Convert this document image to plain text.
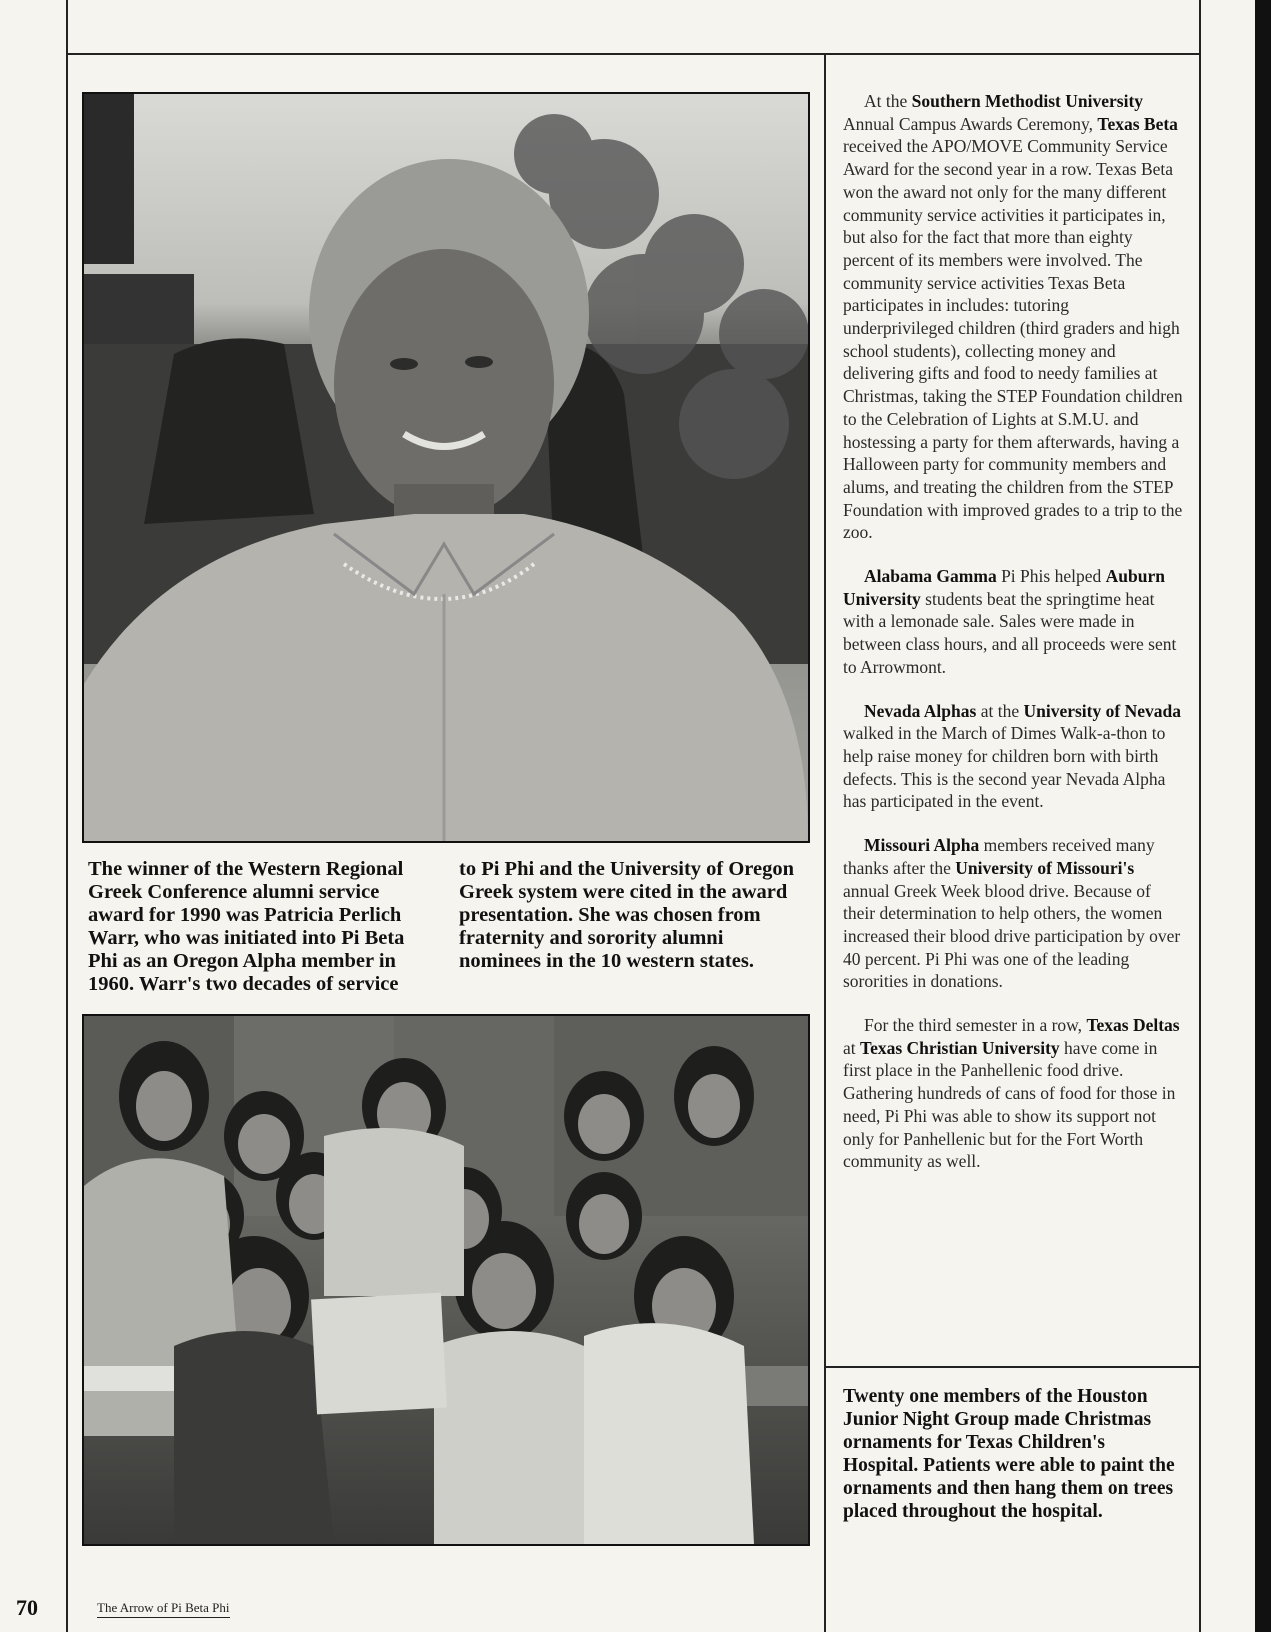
The winner of the Western Regional Greek Conference alumni service award for 1990 was Patricia Perlich Warr, who was initiated into Pi Beta Phi as an Oregon Alpha member in 1960. Warr's two decades of service
to Pi Phi and the University of Oregon Greek system were cited in the award presentation. She was chosen from fraternity and sorority alumni nominees in the 10 western states.

At the Southern Methodist University Annual Campus Awards Ceremony, Texas Beta received the APO/MOVE Community Service Award for the second year in a row. Texas Beta won the award not only for the many different community service activities it participates in, but also for the fact that more than eighty percent of its members were involved. The community service activities Texas Beta participates in includes: tutoring underprivileged children (third graders and high school students), collecting money and delivering gifts and food to needy families at Christmas, taking the STEP Foundation children to the Celebration of Lights at S.M.U. and hostessing a party for them afterwards, having a Halloween party for community members and alums, and treating the children from the STEP Foundation with improved grades to a trip to the zoo.

Alabama Gamma Pi Phis helped Auburn University students beat the springtime heat with a lemonade sale. Sales were made in between class hours, and all proceeds were sent to Arrowmont.

Nevada Alphas at the University of Nevada walked in the March of Dimes Walk-a-thon to help raise money for children born with birth defects. This is the second year Nevada Alpha has participated in the event.

Missouri Alpha members received many thanks after the University of Missouri's annual Greek Week blood drive. Because of their determination to help others, the women increased their blood drive participation by over 40 percent. Pi Phi was one of the leading sororities in donations.

For the third semester in a row, Texas Deltas at Texas Christian University have come in first place in the Panhellenic food drive. Gathering hundreds of cans of food for those in need, Pi Phi was able to show its support not only for Panhellenic but for the Fort Worth community as well.

Twenty one members of the Houston Junior Night Group made Christmas ornaments for Texas Children's Hospital. Patients were able to paint the ornaments and then hang them on trees placed throughout the hospital.
70	The Arrow of Pi Beta Phi
